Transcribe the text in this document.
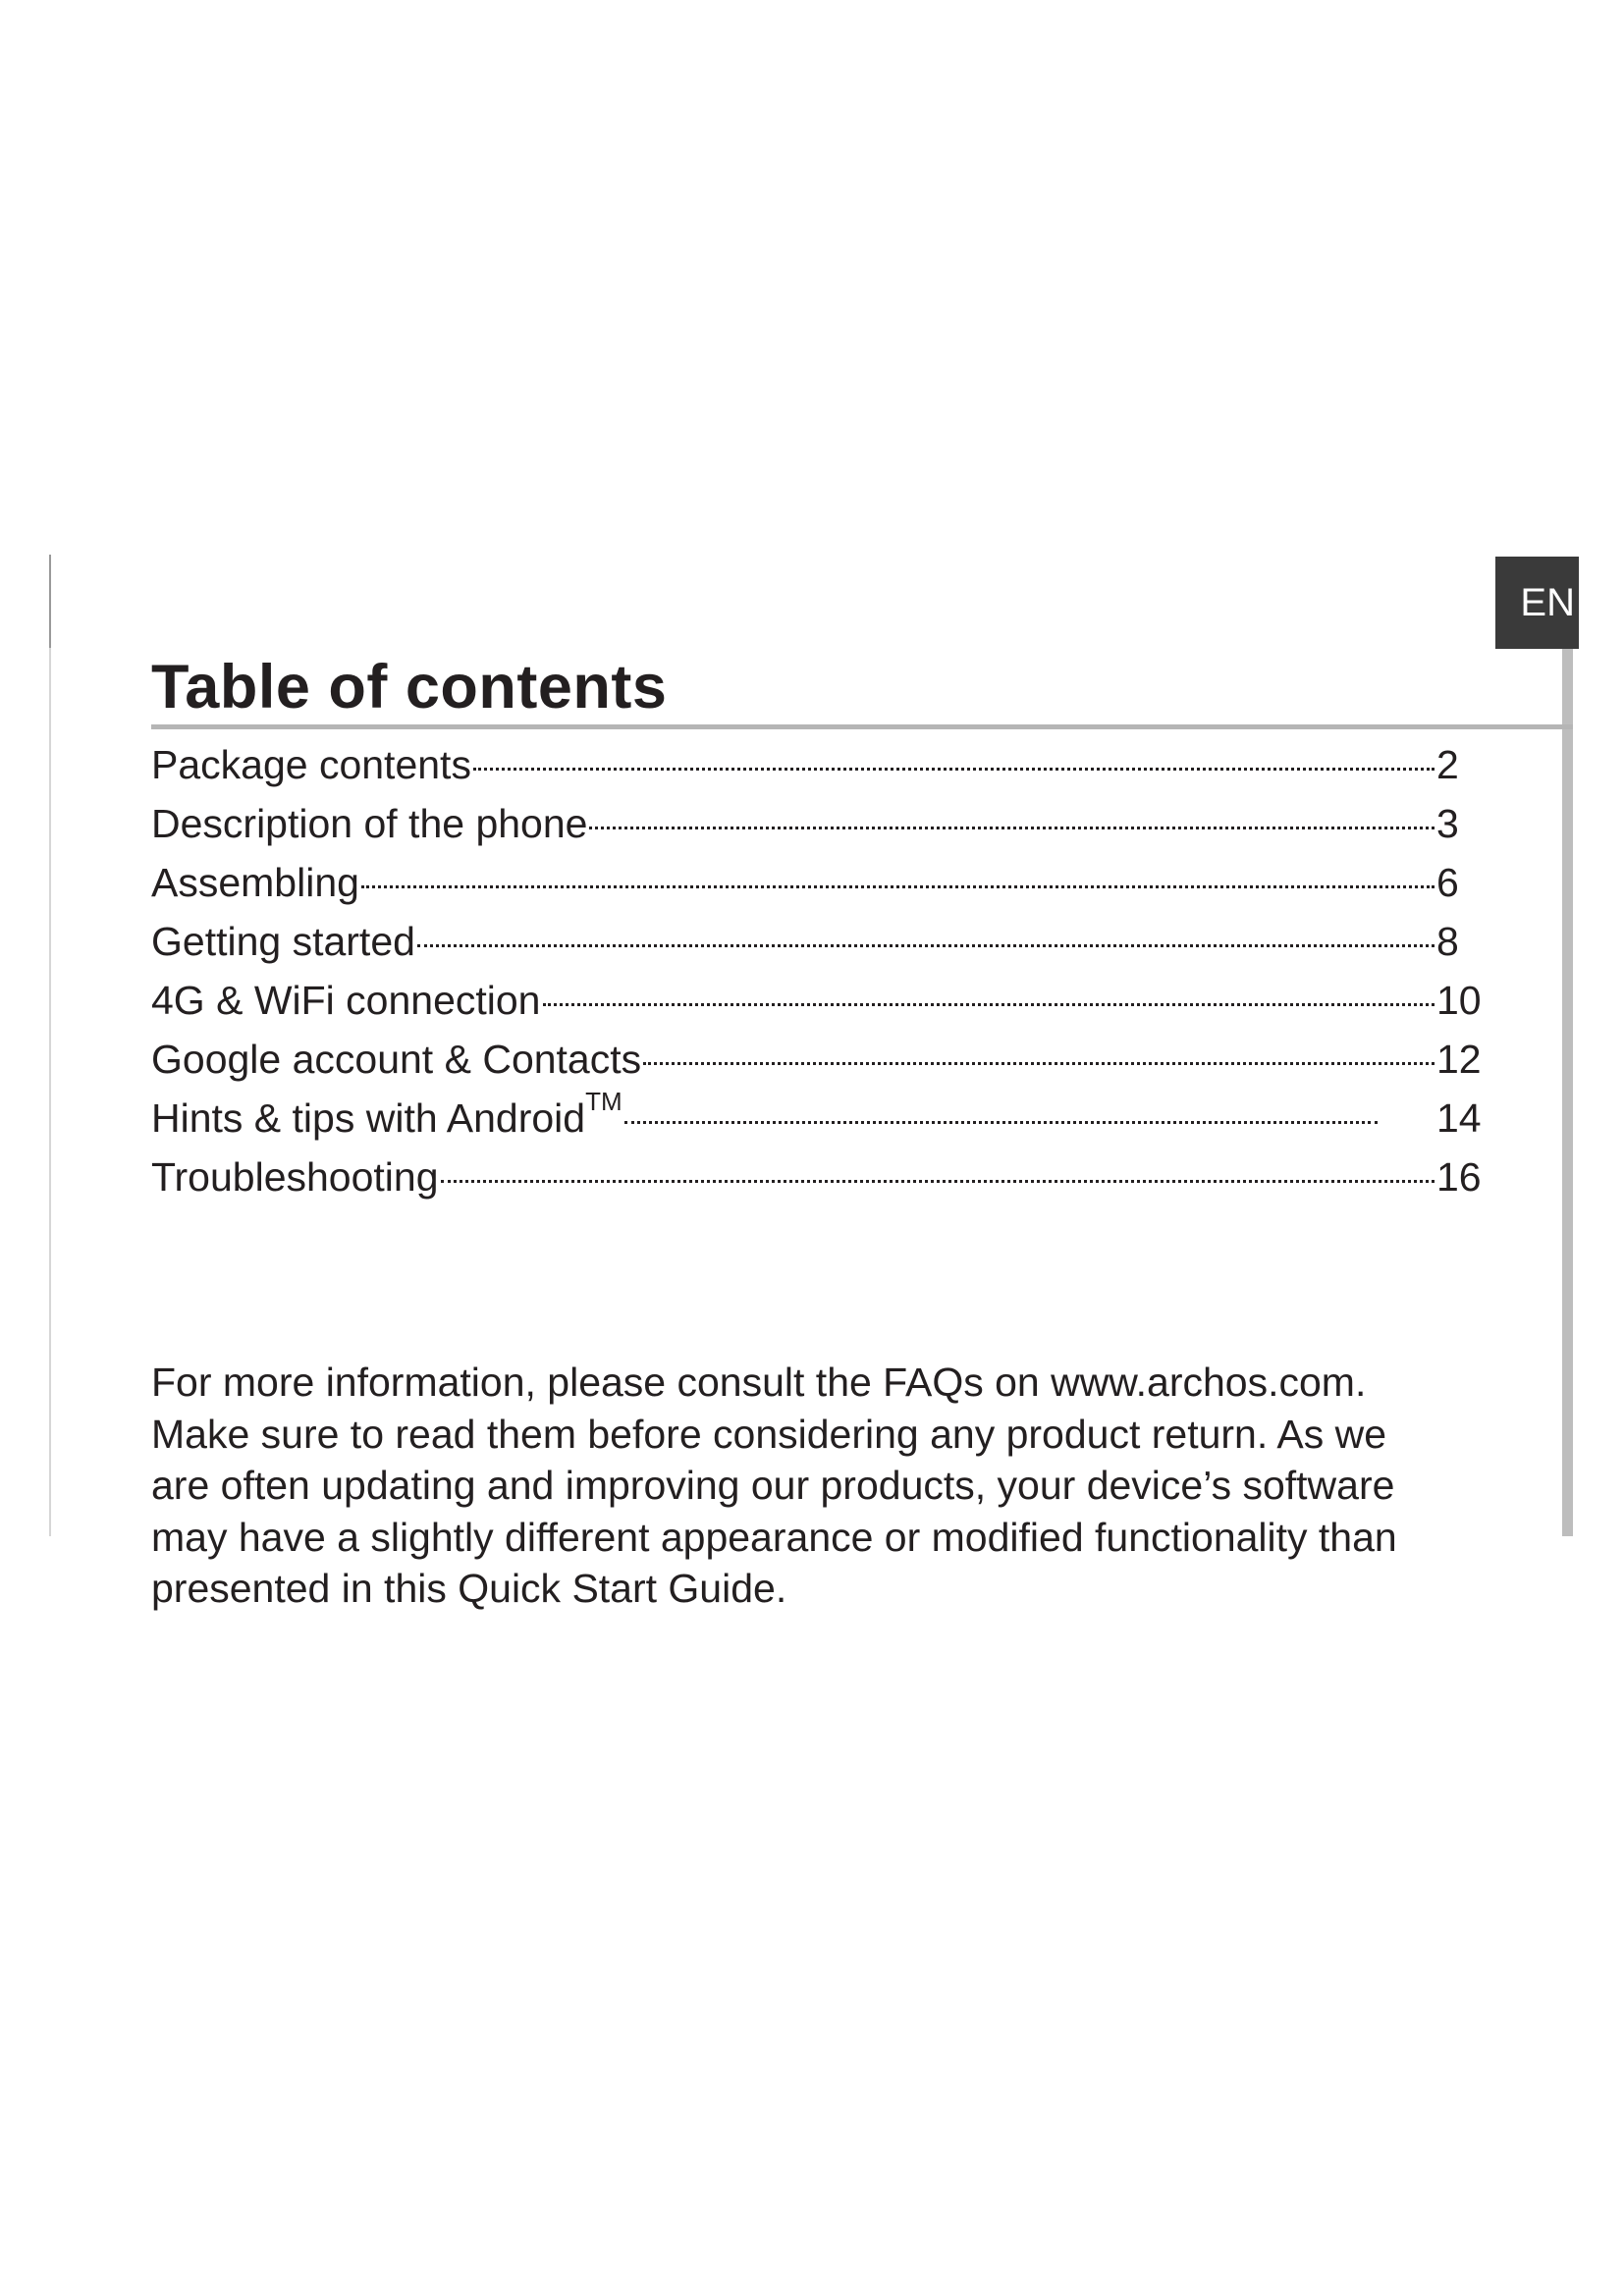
EN
Table of contents
Package contents	2
Description of the phone	3
Assembling	6
Getting started	8
4G & WiFi connection	10
Google account & Contacts	12
Hints & tips with Android™	14
Troubleshooting	16

For more information, please consult the FAQs on www.archos.com.
Make sure to read them before considering any product return. As we
are often updating and improving our products, your device’s software
may have a slightly different appearance or modified functionality than
presented in this Quick Start Guide.
